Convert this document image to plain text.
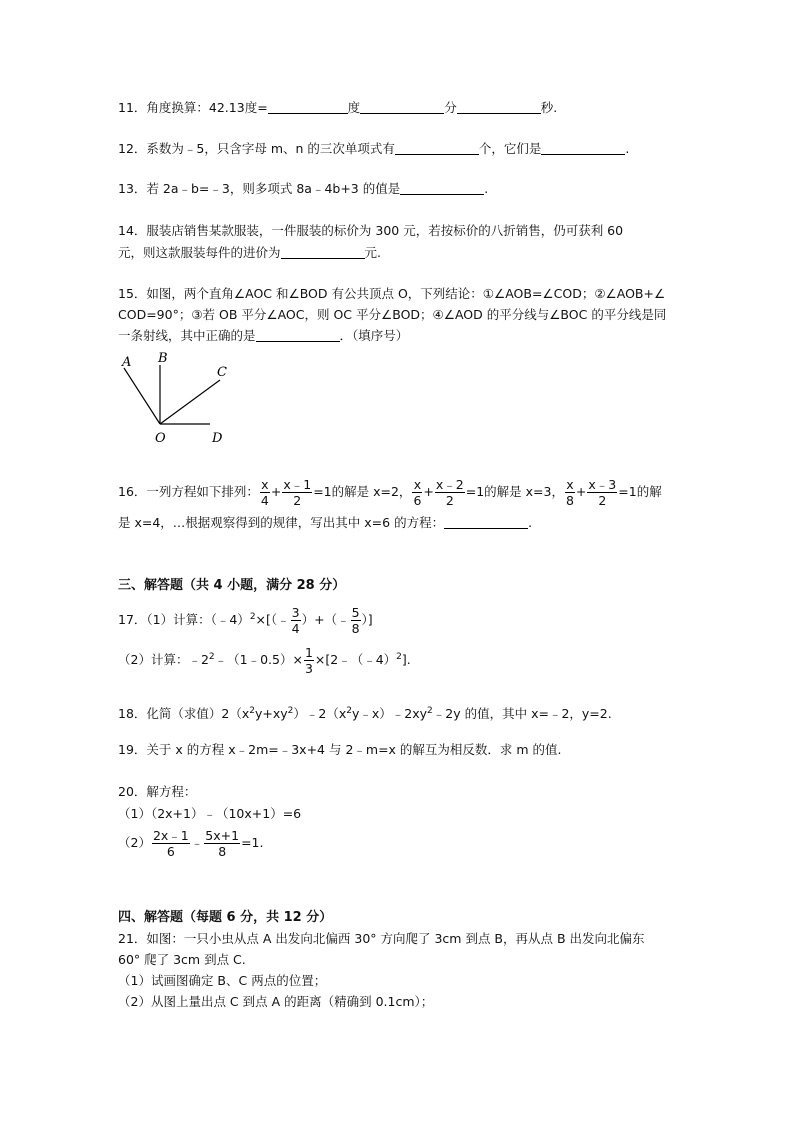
11．角度换算：42.13度=	度	分	秒.
12．系数为﹣5，只含字母 m、n 的三次单项式有	个，它们是	.
13．若 2a﹣b=﹣3，则多项式 8a﹣4b+3 的值是	.
14．服装店销售某款服装，一件服装的标价为 300 元，若按标价的八折销售，仍可获利 60
元，则这款服装每件的进价为	元.
15．如图，两个直角∠AOC 和∠BOD 有公共顶点 O，下列结论：①∠AOB=∠COD；②∠AOB+∠
COD=90°；③若 OB 平分∠AOC，则 OC 平分∠BOD；④∠AOD 的平分线与∠BOC 的平分线是同
一条射线，其中正确的是	．（填序号）
A B
C
O	D
16．一列方程如下排列： $\frac{x}{4} + \frac{x﹣1}{2} =1$的解是 x=2， $\frac{x}{6} + \frac{x﹣2}{2} =1$的解是 x=3， $\frac{x}{8} + \frac{x﹣3}{2} =1$的解
是 x=4，…根据观察得到的规律，写出其中 x=6 的方程：	.
三、解答题（共 4 小题，满分 28 分）
17．（1）计算：（﹣4）$^2$×[（﹣ $\frac{3}{4}$ ）+（﹣ $\frac{5}{8}$ ）]
（2）计算：$﹣2^2﹣(1﹣0.5)\times \frac{1}{3}$ ×[2﹣（﹣4）$^2$].
18．化简（求值）$2(x^2y+xy^2)﹣2(x^2y﹣x)﹣2xy^2﹣2y$ 的值，其中 x=﹣2，y=2.
19．关于 x 的方程 x﹣2m=﹣3x+4 与 2﹣m=x 的解互为相反数．求 m 的值.
20．解方程：
（1）（2x+1）﹣（10x+1）=6
$(2) \frac{2x﹣1}{6}$ ﹣ $\frac{5x+1}{8} =1$.
四、解答题（每题 6 分，共 12 分）
21．如图：一只小虫从点 A 出发向北偏西 30° 方向爬了 3cm 到点 B，再从点 B 出发向北偏东
60° 爬了 3cm 到点 C.
（1）试画图确定 B、C 两点的位置；
（2）从图上量出点 C 到点 A 的距离（精确到 0.1cm）；
